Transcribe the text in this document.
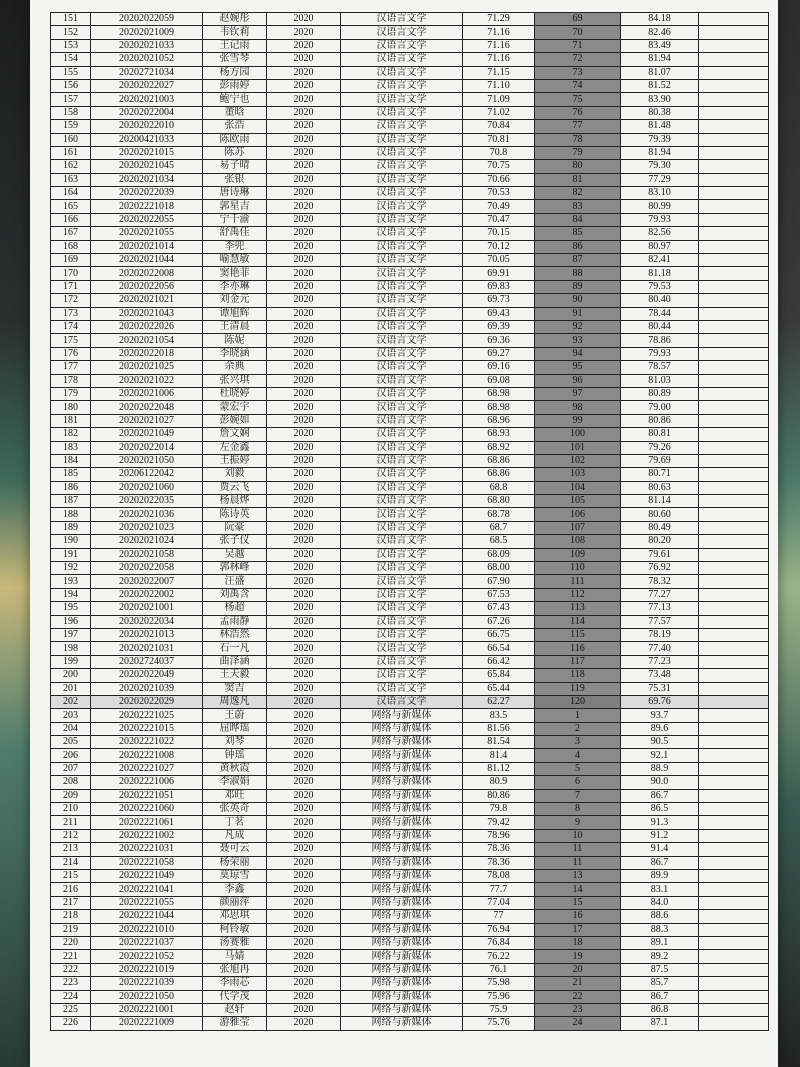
151	20202022059	赵婉彤	2020	汉语言文学	71.29	69	84.18	
152	20202021009	韦钦莉	2020	汉语言文学	71.16	70	82.46	
153	20202021033	王记雨	2020	汉语言文学	71.16	71	83.49	
154	20202021052	张雪琴	2020	汉语言文学	71.16	72	81.94	
155	20202721034	杨方园	2020	汉语言文学	71.15	73	81.07	
156	20202022027	彭雨婷	2020	汉语言文学	71.10	74	81.52	
157	20202021003	鲍宁也	2020	汉语言文学	71.09	75	83.90	
158	20202022004	董晗	2020	汉语言文学	71.02	76	80.38	
159	20202022010	张浩	2020	汉语言文学	70.84	77	81.48	
160	20200421033	陈欧雨	2020	汉语言文学	70.81	78	79.39	
161	20202021015	陈苏	2020	汉语言文学	70.8	79	81.94	
162	20202021045	易子晴	2020	汉语言文学	70.75	80	79.30	
163	20202021034	张银	2020	汉语言文学	70.66	81	77.29	
164	20202022039	唐诗琳	2020	汉语言文学	70.53	82	83.10	
165	20202221018	郭星吉	2020	汉语言文学	70.49	83	80.99	
166	20202022055	宁千渝	2020	汉语言文学	70.47	84	79.93	
167	20202021055	舒禹佳	2020	汉语言文学	70.15	85	82.56	
168	20202021014	李兜	2020	汉语言文学	70.12	86	80.97	
169	20202021044	喻慧敏	2020	汉语言文学	70.05	87	82.41	
170	20202022008	窦艳菲	2020	汉语言文学	69.91	88	81.18	
171	20202022056	李亦琳	2020	汉语言文学	69.83	89	79.53	
172	20202021021	刘金元	2020	汉语言文学	69.73	90	80.40	
173	20202021043	谭旭辉	2020	汉语言文学	69.43	91	78.44	
174	20202022026	王清晨	2020	汉语言文学	69.39	92	80.44	
175	20202021054	陈妮	2020	汉语言文学	69.36	93	78.86	
176	20202022018	李晓涵	2020	汉语言文学	69.27	94	79.93	
177	20202021025	余典	2020	汉语言文学	69.16	95	78.57	
178	20202021022	张兴琪	2020	汉语言文学	69.08	96	81.03	
179	20202021006	杜晓婷	2020	汉语言文学	68.98	97	80.89	
180	20202022048	蒙宏宇	2020	汉语言文学	68.98	98	79.00	
181	20202021027	彭婉如	2020	汉语言文学	68.96	99	80.86	
182	20202021049	詹文娴	2020	汉语言文学	68.93	100	80.81	
183	20202022014	左金鑫	2020	汉语言文学	68.92	101	79.26	
184	20202021050	王振婷	2020	汉语言文学	68.86	102	79.69	
185	20206122042	刘毅	2020	汉语言文学	68.86	103	80.71	
186	20202021060	贾云飞	2020	汉语言文学	68.8	104	80.63	
187	20202022035	杨晨烨	2020	汉语言文学	68.80	105	81.14	
188	20202021036	陈诗英	2020	汉语言文学	68.78	106	80.60	
189	20202021023	阮豪	2020	汉语言文学	68.7	107	80.49	
190	20202021024	张子仪	2020	汉语言文学	68.5	108	80.20	
191	20202021058	吴越	2020	汉语言文学	68.09	109	79.61	
192	20202022058	郭林峰	2020	汉语言文学	68.00	110	76.92	
193	20202022007	汪盛	2020	汉语言文学	67.90	111	78.32	
194	20202022002	刘禹含	2020	汉语言文学	67.53	112	77.27	
195	20202021001	杨超	2020	汉语言文学	67.43	113	77.13	
196	20202022034	孟雨静	2020	汉语言文学	67.26	114	77.57	
197	20202021013	林浩然	2020	汉语言文学	66.75	115	78.19	
198	20202021031	石一凡	2020	汉语言文学	66.54	116	77.40	
199	20202724037	曲泽涵	2020	汉语言文学	66.42	117	77.23	
200	20202022049	王天毅	2020	汉语言文学	65.84	118	73.48	
201	20202021039	窦吉	2020	汉语言文学	65.44	119	75.31	
202	20202022029	周逸凡	2020	汉语言文学	62.27	120	69.76	
203	20202221025	王蔚	2020	网络与新媒体	83.5	1	93.7	
204	20202221015	屈晔瑶	2020	网络与新媒体	81.56	2	89.6	
205	20202221022	刘琴	2020	网络与新媒体	81.54	3	90.5	
206	20202221008	钟瑶	2020	网络与新媒体	81.4	4	92.1	
207	20202221027	黄秋霞	2020	网络与新媒体	81.12	5	88.9	
208	20202221006	李淑娟	2020	网络与新媒体	80.9	6	90.0	
209	20202221051	邓旺	2020	网络与新媒体	80.86	7	86.7	
210	20202221060	张英奇	2020	网络与新媒体	79.8	8	86.5	
211	20202221061	丁茗	2020	网络与新媒体	79.42	9	91.3	
212	20202221002	凡成	2020	网络与新媒体	78.96	10	91.2	
213	20202221031	聂可云	2020	网络与新媒体	78.36	11	91.4	
214	20202221058	杨荣丽	2020	网络与新媒体	78.36	11	86.7	
215	20202221049	莫琼雪	2020	网络与新媒体	78.08	13	89.9	
216	20202221041	李鑫	2020	网络与新媒体	77.7	14	83.1	
217	20202221055	颜丽萍	2020	网络与新媒体	77.04	15	84.0	
218	20202221044	邓思琪	2020	网络与新媒体	77	16	88.6	
219	20202221010	柯铃敏	2020	网络与新媒体	76.94	17	88.3	
220	20202221037	汤赛雅	2020	网络与新媒体	76.84	18	89.1	
221	20202221052	马婧	2020	网络与新媒体	76.22	19	89.2	
222	20202221019	张旭冉	2020	网络与新媒体	76.1	20	87.5	
223	20202221039	李雨芯	2020	网络与新媒体	75.98	21	85.7	
224	20202221050	代学茂	2020	网络与新媒体	75.96	22	86.7	
225	20202221001	赵轩	2020	网络与新媒体	75.9	23	86.8	
226	20202221009	游雅莹	2020	网络与新媒体	75.76	24	87.1	
